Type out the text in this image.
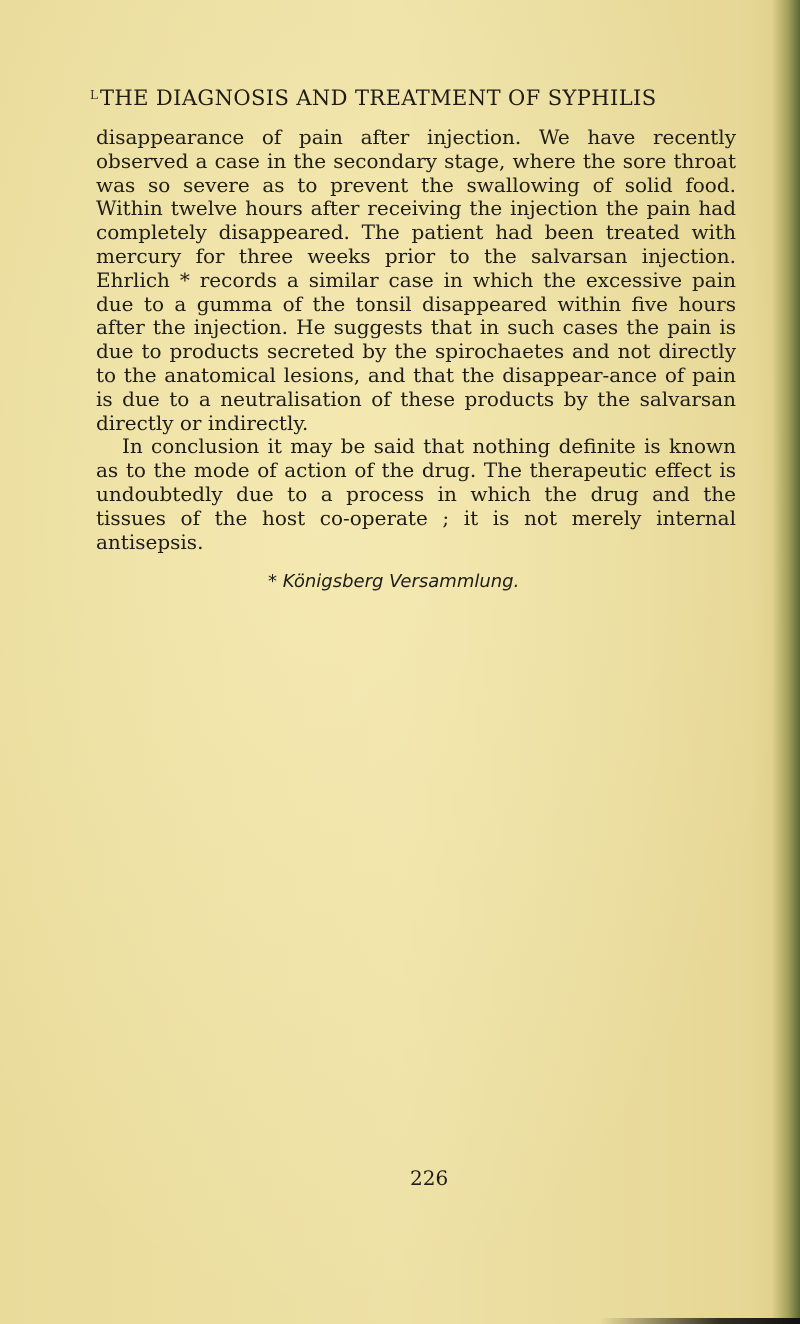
L THE DIAGNOSIS AND TREATMENT OF SYPHILIS

disappearance of pain after injection. We have recently observed a case in the secondary stage, where the sore throat was so severe as to prevent the swallowing of solid food. Within twelve hours after receiving the injection the pain had completely disappeared. The patient had been treated with mercury for three weeks prior to the salvarsan injection. Ehrlich * records a similar case in which the excessive pain due to a gumma of the tonsil disappeared within five hours after the injection. He suggests that in such cases the pain is due to products secreted by the spirochaetes and not directly to the anatomical lesions, and that the disappear-ance of pain is due to a neutralisation of these products by the salvarsan directly or indirectly.

In conclusion it may be said that nothing definite is known as to the mode of action of the drug. The therapeutic effect is undoubtedly due to a process in which the drug and the tissues of the host co-operate ; it is not merely internal antisepsis.

* Königsberg Versammlung.
226
